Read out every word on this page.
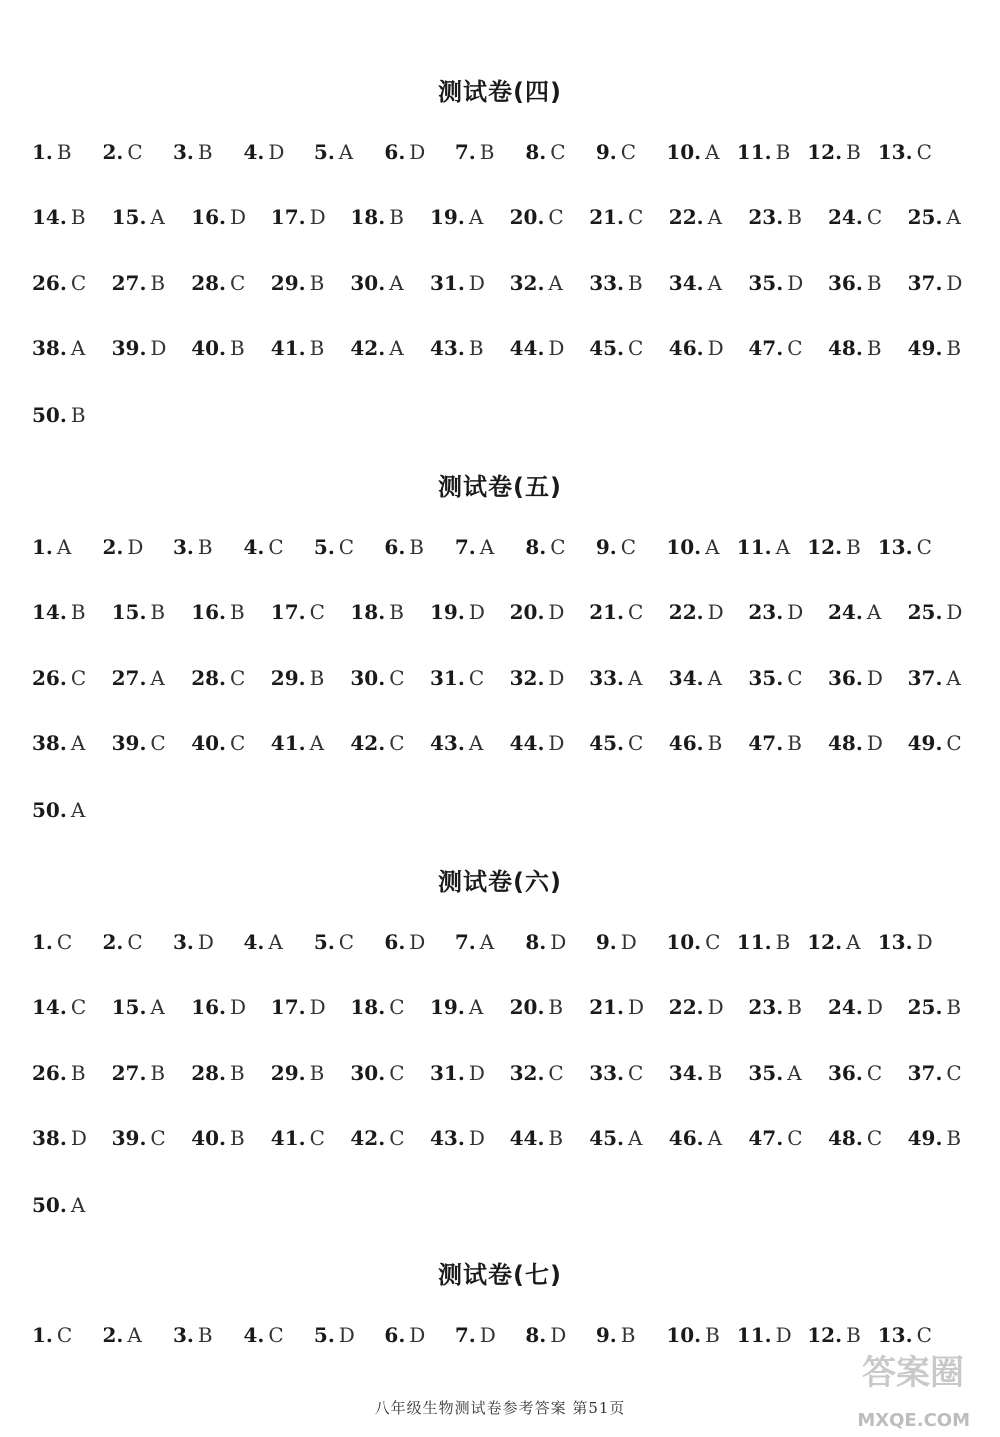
测试卷(四)
1. B 2. C 3. B 4. D 5. A 6. D 7. B 8. C 9. C 10. A 11. B 12. B 13. C
14. B 15. A 16. D 17. D 18. B 19. A 20. C 21. C 22. A 23. B 24. C 25. A
26. C 27. B 28. C 29. B 30. A 31. D 32. A 33. B 34. A 35. D 36. B 37. D
38. A 39. D 40. B 41. B 42. A 43. B 44. D 45. C 46. D 47. C 48. B 49. B
50. B
测试卷(五)
1. A 2. D 3. B 4. C 5. C 6. B 7. A 8. C 9. C 10. A 11. A 12. B 13. C
14. B 15. B 16. B 17. C 18. B 19. D 20. D 21. C 22. D 23. D 24. A 25. D
26. C 27. A 28. C 29. B 30. C 31. C 32. D 33. A 34. A 35. C 36. D 37. A
38. A 39. C 40. C 41. A 42. C 43. A 44. D 45. C 46. B 47. B 48. D 49. C
50. A
测试卷(六)
1. C 2. C 3. D 4. A 5. C 6. D 7. A 8. D 9. D 10. C 11. B 12. A 13. D
14. C 15. A 16. D 17. D 18. C 19. A 20. B 21. D 22. D 23. B 24. D 25. B
26. B 27. B 28. B 29. B 30. C 31. D 32. C 33. C 34. B 35. A 36. C 37. C
38. D 39. C 40. B 41. C 42. C 43. D 44. B 45. A 46. A 47. C 48. C 49. B
50. A
测试卷(七)
1. C 2. A 3. B 4. C 5. D 6. D 7. D 8. D 9. B 10. B 11. D 12. B 13. C
八年级生物测试卷参考答案 第51页
答案圈
MXQE.COM
